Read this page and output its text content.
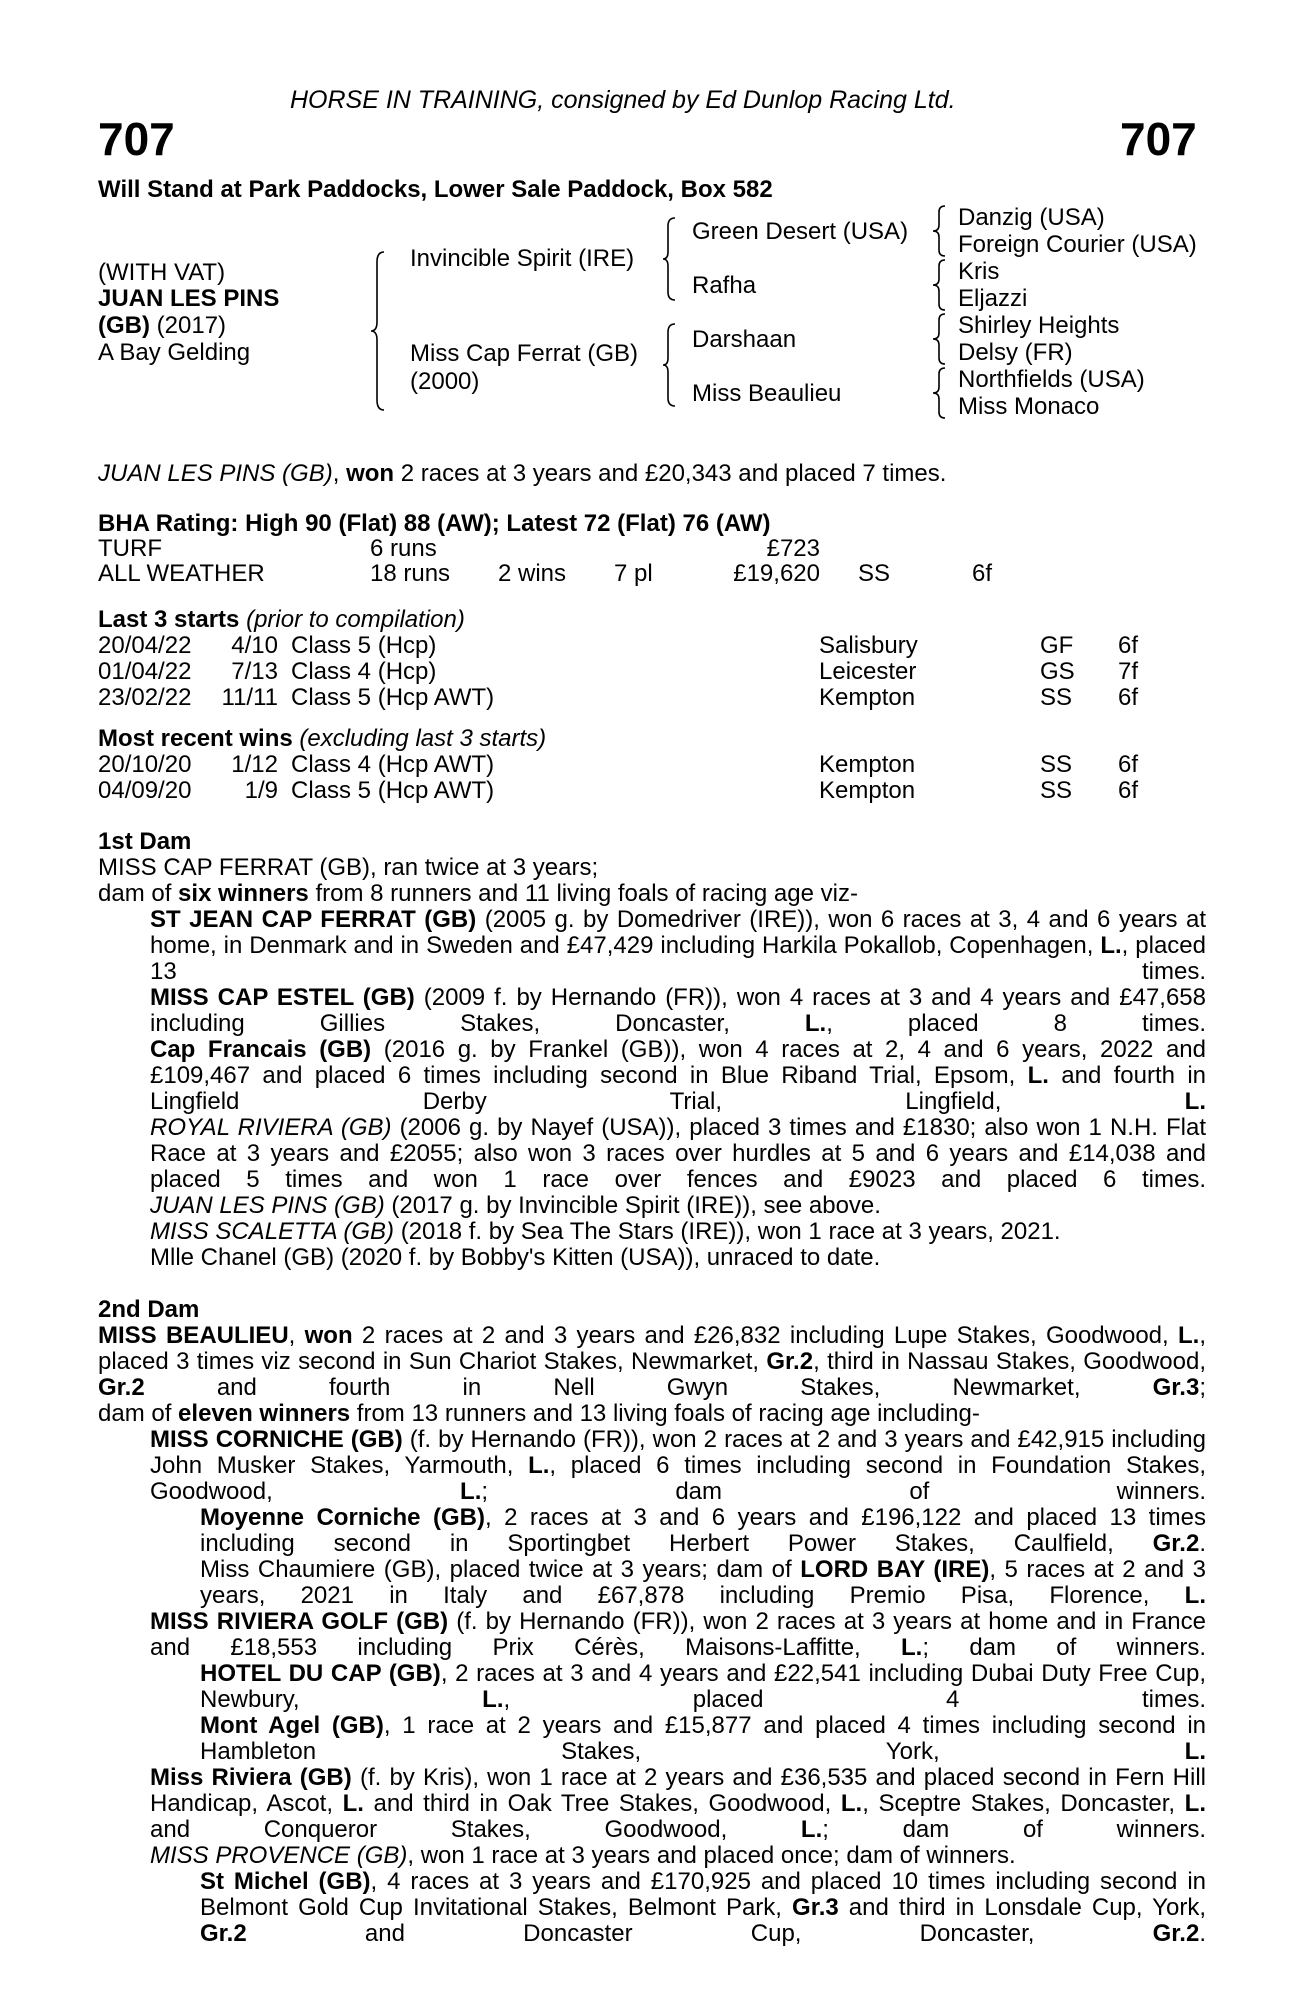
HORSE IN TRAINING, consigned by Ed Dunlop Racing Ltd.
707	707
Will Stand at Park Paddocks, Lower Sale Paddock, Box 582
(WITH VAT)
JUAN LES PINS
(GB) (2017)
A Bay Gelding
Invincible Spirit (IRE)
Miss Cap Ferrat (GB)
(2000)
Green Desert (USA)
Rafha
Darshaan
Miss Beaulieu
Danzig (USA)
Foreign Courier (USA)
Kris
Eljazzi
Shirley Heights
Delsy (FR)
Northfields (USA)
Miss Monaco
JUAN LES PINS (GB), won 2 races at 3 years and £20,343 and placed 7 times.
BHA Rating: High 90 (Flat) 88 (AW); Latest 72 (Flat) 76 (AW)
TURF	6 runs	£723
ALL WEATHER	18 runs 2 wins 7 pl	£19,620 SS	6f
Last 3 starts (prior to compilation)
20/04/22	4/10 Class 5 (Hcp)	Salisbury	GF 6f
01/04/22	7/13 Class 4 (Hcp)	Leicester	GS 7f
23/02/22	11/11 Class 5 (Hcp AWT)	Kempton	SS 6f
Most recent wins (excluding last 3 starts)
20/10/20	1/12 Class 4 (Hcp AWT)	Kempton	SS 6f
04/09/20	1/9 Class 5 (Hcp AWT)	Kempton	SS 6f
1st Dam
MISS CAP FERRAT (GB), ran twice at 3 years;
dam of six winners from 8 runners and 11 living foals of racing age viz-
ST JEAN CAP FERRAT (GB) (2005 g. by Domedriver (IRE)), won 6 races at 3, 4 and 6 years at home, in Denmark and in Sweden and £47,429 including Harkila Pokallob, Copenhagen, L., placed 13 times.
MISS CAP ESTEL (GB) (2009 f. by Hernando (FR)), won 4 races at 3 and 4 years and £47,658 including Gillies Stakes, Doncaster, L., placed 8 times.
Cap Francais (GB) (2016 g. by Frankel (GB)), won 4 races at 2, 4 and 6 years, 2022 and £109,467 and placed 6 times including second in Blue Riband Trial, Epsom, L. and fourth in Lingfield Derby Trial, Lingfield, L.
ROYAL RIVIERA (GB) (2006 g. by Nayef (USA)), placed 3 times and £1830; also won 1 N.H. Flat Race at 3 years and £2055; also won 3 races over hurdles at 5 and 6 years and £14,038 and placed 5 times and won 1 race over fences and £9023 and placed 6 times.
JUAN LES PINS (GB) (2017 g. by Invincible Spirit (IRE)), see above.
MISS SCALETTA (GB) (2018 f. by Sea The Stars (IRE)), won 1 race at 3 years, 2021.
Mlle Chanel (GB) (2020 f. by Bobby's Kitten (USA)), unraced to date.
2nd Dam
MISS BEAULIEU, won 2 races at 2 and 3 years and £26,832 including Lupe Stakes, Goodwood, L., placed 3 times viz second in Sun Chariot Stakes, Newmarket, Gr.2, third in Nassau Stakes, Goodwood, Gr.2 and fourth in Nell Gwyn Stakes, Newmarket, Gr.3;
dam of eleven winners from 13 runners and 13 living foals of racing age including-
MISS CORNICHE (GB) (f. by Hernando (FR)), won 2 races at 2 and 3 years and £42,915 including John Musker Stakes, Yarmouth, L., placed 6 times including second in Foundation Stakes, Goodwood, L.; dam of winners.
Moyenne Corniche (GB), 2 races at 3 and 6 years and £196,122 and placed 13 times including second in Sportingbet Herbert Power Stakes, Caulfield, Gr.2.
Miss Chaumiere (GB), placed twice at 3 years; dam of LORD BAY (IRE), 5 races at 2 and 3 years, 2021 in Italy and £67,878 including Premio Pisa, Florence, L.
MISS RIVIERA GOLF (GB) (f. by Hernando (FR)), won 2 races at 3 years at home and in France and £18,553 including Prix Cérès, Maisons-Laffitte, L.; dam of winners.
HOTEL DU CAP (GB), 2 races at 3 and 4 years and £22,541 including Dubai Duty Free Cup, Newbury, L., placed 4 times.
Mont Agel (GB), 1 race at 2 years and £15,877 and placed 4 times including second in Hambleton Stakes, York, L.
Miss Riviera (GB) (f. by Kris), won 1 race at 2 years and £36,535 and placed second in Fern Hill Handicap, Ascot, L. and third in Oak Tree Stakes, Goodwood, L., Sceptre Stakes, Doncaster, L. and Conqueror Stakes, Goodwood, L.; dam of winners.
MISS PROVENCE (GB), won 1 race at 3 years and placed once; dam of winners.
St Michel (GB), 4 races at 3 years and £170,925 and placed 10 times including second in Belmont Gold Cup Invitational Stakes, Belmont Park, Gr.3 and third in Lonsdale Cup, York, Gr.2 and Doncaster Cup, Doncaster, Gr.2.
